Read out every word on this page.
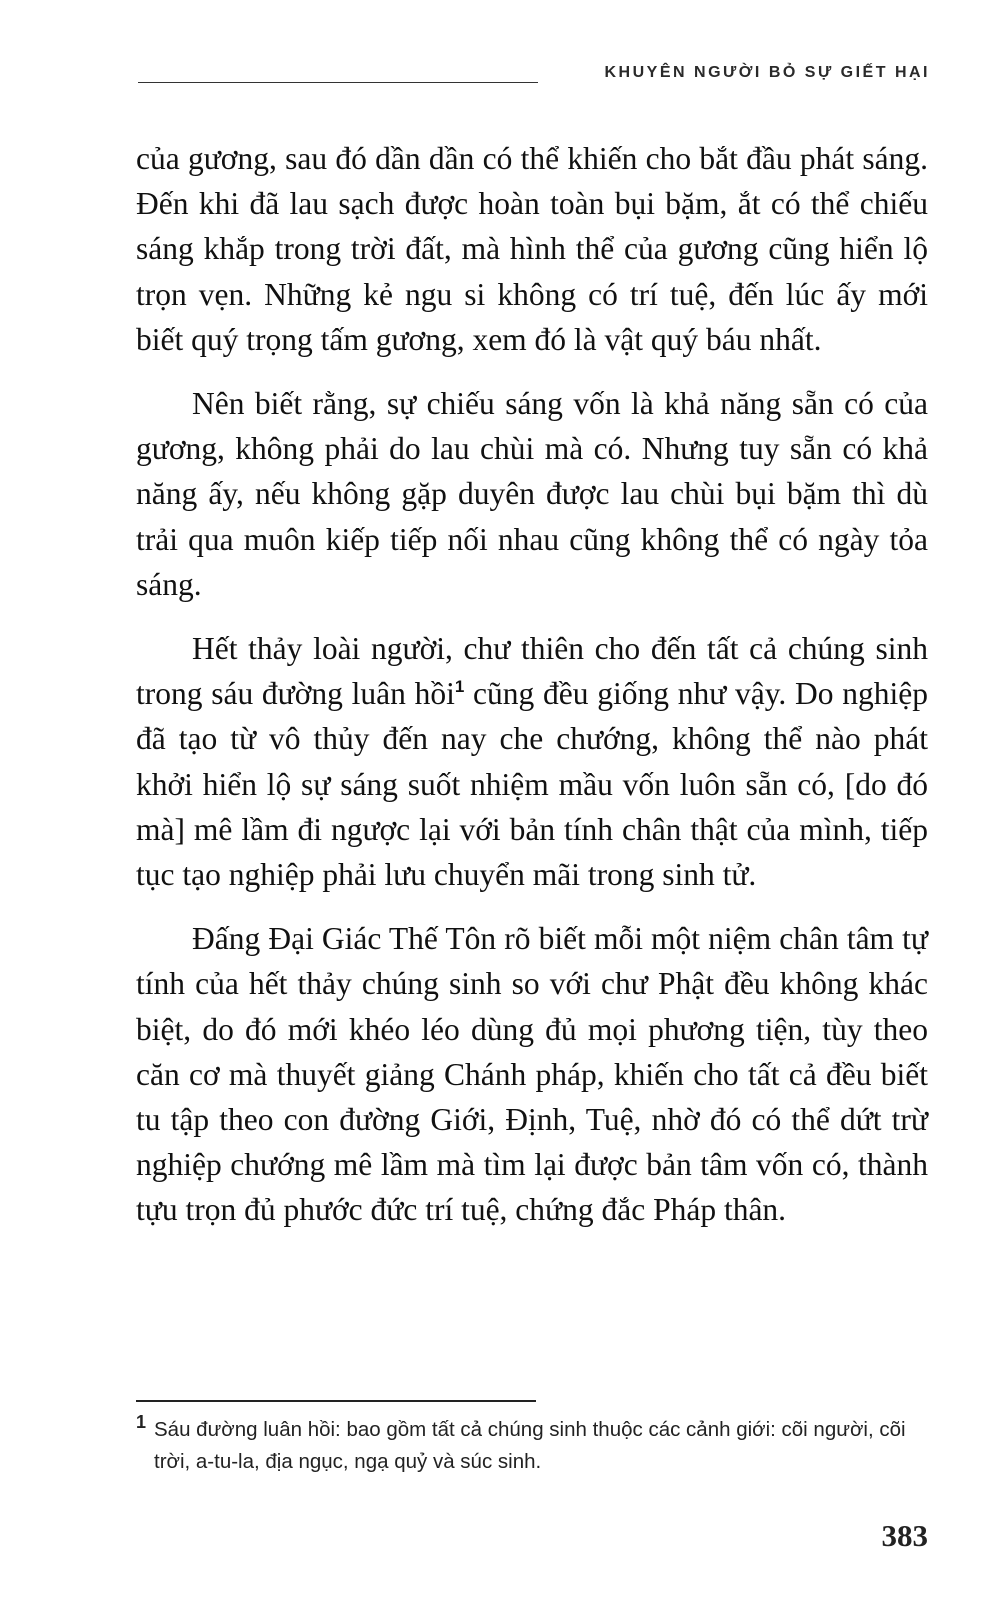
KHUYÊN NGƯỜI BỎ SỰ GIẾT HẠI

của gương, sau đó dần dần có thể khiến cho bắt đầu phát sáng. Đến khi đã lau sạch được hoàn toàn bụi bặm, ắt có thể chiếu sáng khắp trong trời đất, mà hình thể của gương cũng hiển lộ trọn vẹn. Những kẻ ngu si không có trí tuệ, đến lúc ấy mới biết quý trọng tấm gương, xem đó là vật quý báu nhất.

Nên biết rằng, sự chiếu sáng vốn là khả năng sẵn có của gương, không phải do lau chùi mà có. Nhưng tuy sẵn có khả năng ấy, nếu không gặp duyên được lau chùi bụi bặm thì dù trải qua muôn kiếp tiếp nối nhau cũng không thể có ngày tỏa sáng.

Hết thảy loài người, chư thiên cho đến tất cả chúng sinh trong sáu đường luân hồi$^1$ cũng đều giống như vậy. Do nghiệp đã tạo từ vô thủy đến nay che chướng, không thể nào phát khởi hiển lộ sự sáng suốt nhiệm mầu vốn luôn sẵn có, [do đó mà] mê lầm đi ngược lại với bản tính chân thật của mình, tiếp tục tạo nghiệp phải lưu chuyển mãi trong sinh tử.

Đấng Đại Giác Thế Tôn rõ biết mỗi một niệm chân tâm tự tính của hết thảy chúng sinh so với chư Phật đều không khác biệt, do đó mới khéo léo dùng đủ mọi phương tiện, tùy theo căn cơ mà thuyết giảng Chánh pháp, khiến cho tất cả đều biết tu tập theo con đường Giới, Định, Tuệ, nhờ đó có thể dứt trừ nghiệp chướng mê lầm mà tìm lại được bản tâm vốn có, thành tựu trọn đủ phước đức trí tuệ, chứng đắc Pháp thân.

1 Sáu đường luân hồi: bao gồm tất cả chúng sinh thuộc các cảnh giới: cõi người, cõi trời, a-tu-la, địa ngục, ngạ quỷ và súc sinh.
383
